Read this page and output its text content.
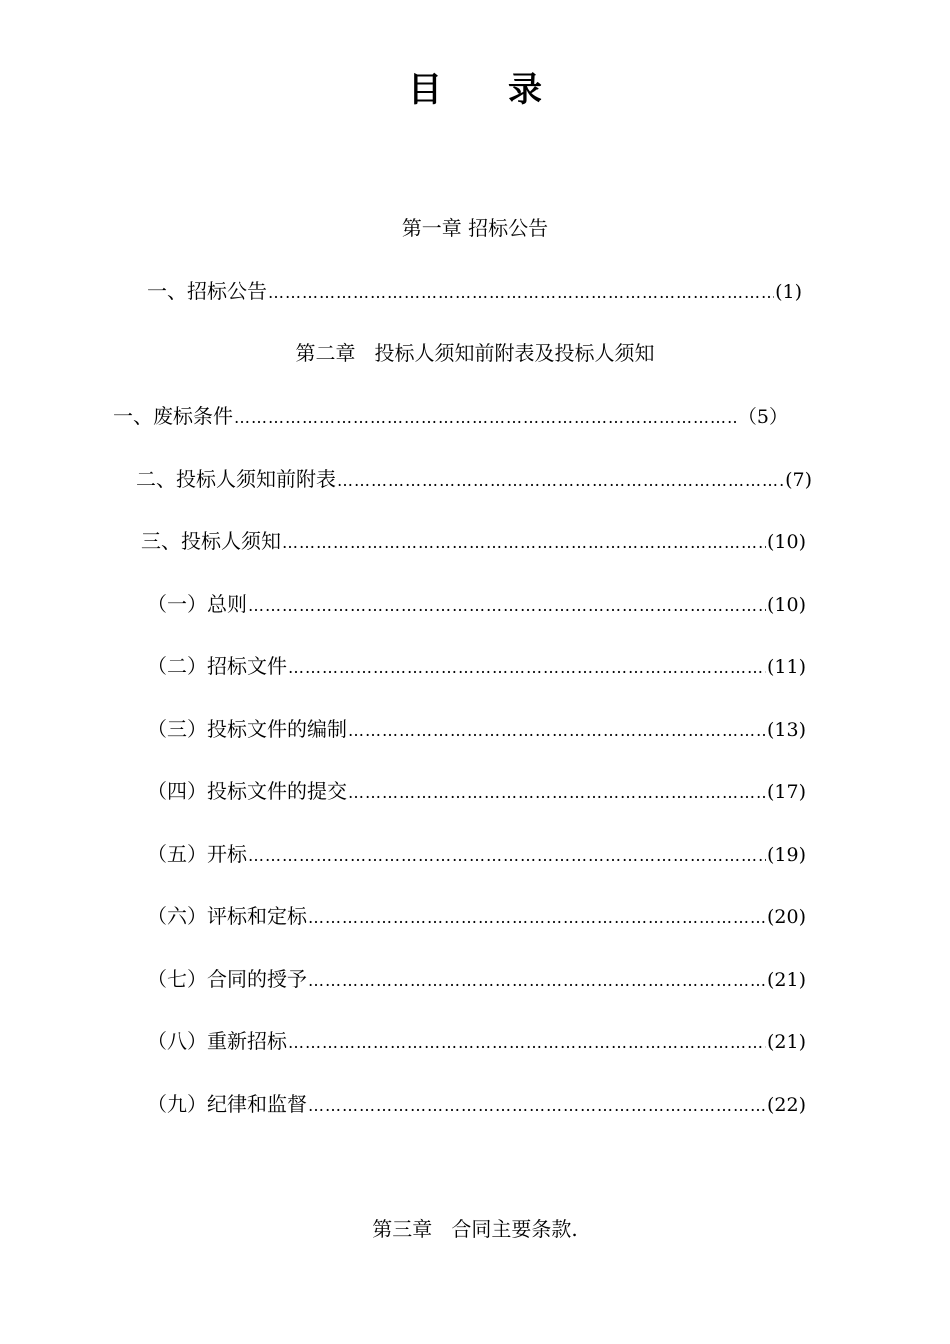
目 录
第一章 招标公告
一、招标公告 ……………………………………………………………………………………………………………………………………………………………………………………………………………………	(1)
第二章   投标人须知前附表及投标人须知
一、废标条件 ……………………………………………………………………………………………………………………………………………………………………………………………………………………	（5）
二、投标人须知前附表 ……………………………………………………………………………………………………………………………………………………………………………………………………………………	(7)
三、投标人须知 ……………………………………………………………………………………………………………………………………………………………………………………………………………………	(10)
（一）总则 ……………………………………………………………………………………………………………………………………………………………………………………………………………………	(10)
（二）招标文件 ……………………………………………………………………………………………………………………………………………………………………………………………………………………	(11)
（三）投标文件的编制 ……………………………………………………………………………………………………………………………………………………………………………………………………………………	(13)
（四）投标文件的提交 ……………………………………………………………………………………………………………………………………………………………………………………………………………………	(17)
（五）开标 ……………………………………………………………………………………………………………………………………………………………………………………………………………………	(19)
（六）评标和定标 ……………………………………………………………………………………………………………………………………………………………………………………………………………………	(20)
（七）合同的授予 ……………………………………………………………………………………………………………………………………………………………………………………………………………………	(21)
（八）重新招标 ……………………………………………………………………………………………………………………………………………………………………………………………………………………	(21)
（九）纪律和监督 ……………………………………………………………………………………………………………………………………………………………………………………………………………………	(22)
第三章   合同主要条款.
